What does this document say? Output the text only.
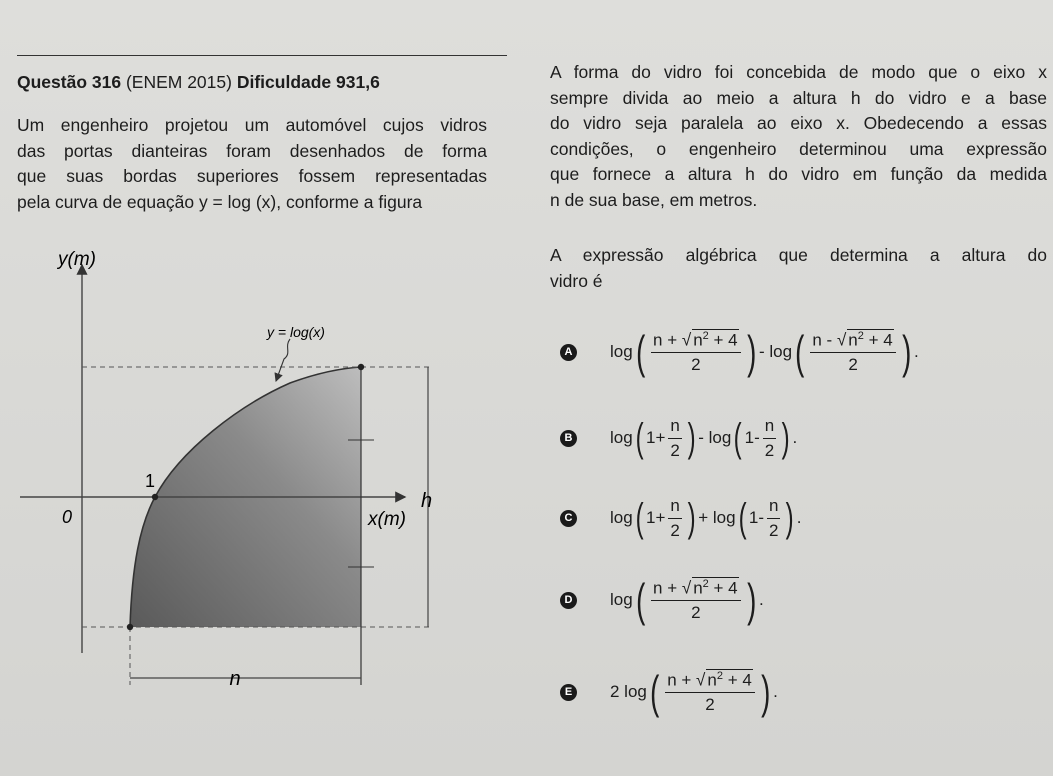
Questão 316 (ENEM 2015) Dificuldade 931,6
Um engenheiro projetou um automóvel cujos vidros
das portas dianteiras foram desenhados de forma
que suas bordas superiores fossem representadas
pela curva de equação y = log (x), conforme a figura
A forma do vidro foi concebida de modo que o eixo x
sempre divida ao meio a altura h do vidro e a base
do vidro seja paralela ao eixo x. Obedecendo a essas
condições, o engenheiro determinou uma expressão
que fornece a altura h do vidro em função da medida
n de sua base, em metros.
A expressão algébrica que determina a altura do
vidro é
y(m)
x(m)
0
1
y = log(x)
h
n
A log ( $\frac{n + √ n^2 + 4}{2}$ ) - log ( $\frac{n - √ n^2 + 4}{2}$ ) .
B log ( $1+ \frac{n}{2}$ ) - log ( $1- \frac{n}{2}$ ) .
C log ( $1+ \frac{n}{2}$ ) + log ( $1- \frac{n}{2}$ ) .
D log ( $\frac{n + √ n^2 + 4}{2}$ ) .
E 2 log ( $\frac{n + √ n^2 + 4}{2}$ ) .
